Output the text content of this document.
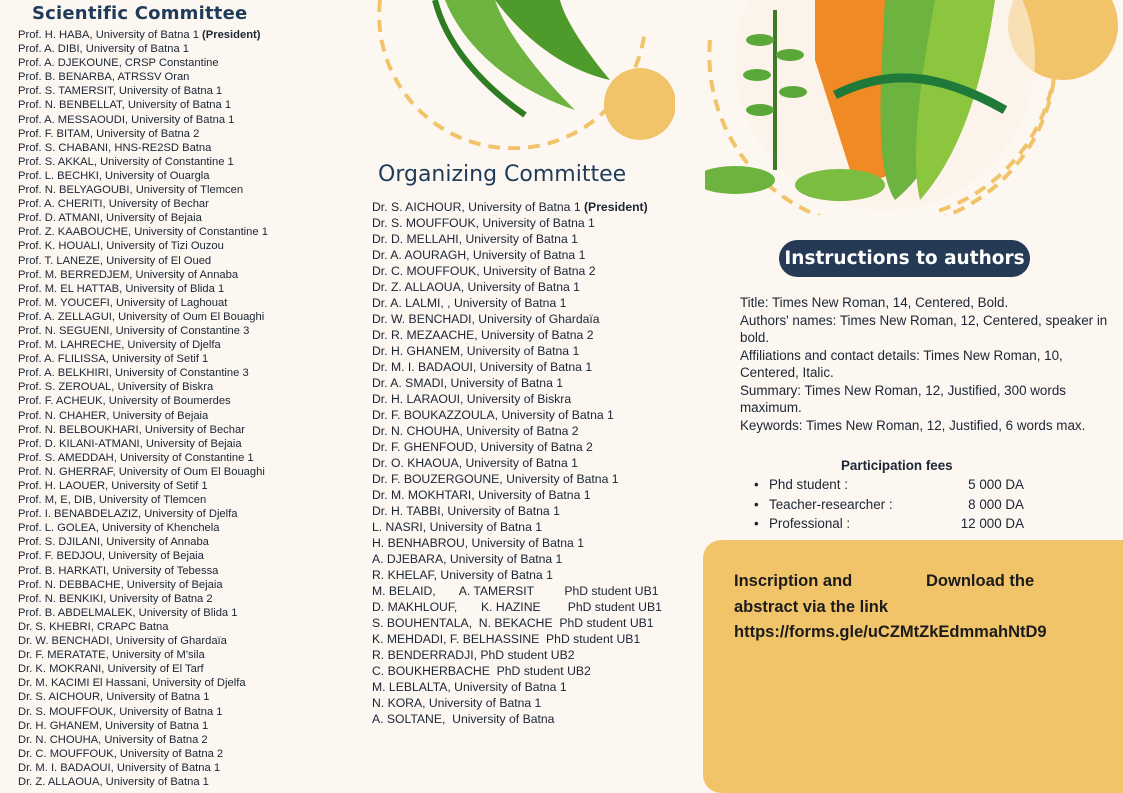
Scientific Committee
Prof. H. HABA, University of Batna 1 (President)
Prof. A. DIBI, University of Batna 1
Prof. A. DJEKOUNE, CRSP Constantine
Prof. B. BENARBA, ATRSSV Oran
Prof. S. TAMERSIT, University of Batna 1
Prof. N. BENBELLAT, University of Batna 1
Prof. A. MESSAOUDI, University of Batna 1
Prof. F. BITAM, University of Batna 2
Prof. S. CHABANI, HNS-RE2SD Batna
Prof. S. AKKAL, University of Constantine 1
Prof. L. BECHKI, University of Ouargla
Prof. N. BELYAGOUBI, University of Tlemcen
Prof. A. CHERITI, University of Bechar
Prof. D. ATMANI, University of Bejaia
Prof. Z. KAABOUCHE, University of Constantine 1
Prof. K. HOUALI, University of Tizi Ouzou
Prof. T. LANEZE, University of El Oued
Prof. M. BERREDJEM, University of Annaba
Prof. M. EL HATTAB, University of Blida 1
Prof. M. YOUCEFI, University of Laghouat
Prof. A. ZELLAGUI, University of Oum El Bouaghi
Prof. N. SEGUENI, University of Constantine 3
Prof. M. LAHRECHE, University of Djelfa
Prof. A. FLILISSA, University of Setif 1
Prof. A. BELKHIRI, University of Constantine 3
Prof. S. ZEROUAL, University of Biskra
Prof. F. ACHEUK, University of Boumerdes
Prof. N. CHAHER, University of Bejaia
Prof. N. BELBOUKHARI, University of Bechar
Prof. D. KILANI-ATMANI, University of Bejaia
Prof. S. AMEDDAH, University of Constantine 1
Prof. N. GHERRAF, University of Oum El Bouaghi
Prof. H. LAOUER, University of Setif 1
Prof. M, E, DIB, University of Tlemcen
Prof. I. BENABDELAZIZ, University of Djelfa
Prof. L. GOLEA, University of Khenchela
Prof. S. DJILANI, University of Annaba
Prof. F. BEDJOU, University of Bejaia
Prof. B. HARKATI, University of Tebessa
Prof. N. DEBBACHE, University of Bejaia
Prof. N. BENKIKI, University of Batna 2
Prof. B. ABDELMALEK, University of Blida 1
Dr. S. KHEBRI, CRAPC Batna
Dr. W. BENCHADI, University of Ghardaïa
Dr. F. MERATATE, University of M'sila
Dr. K. MOKRANI, University of El Tarf
Dr. M. KACIMI El Hassani, University of Djelfa
Dr. S. AICHOUR, University of Batna 1
Dr. S. MOUFFOUK, University of Batna 1
Dr. H. GHANEM, University of Batna 1
Dr. N. CHOUHA, University of Batna 2
Dr. C. MOUFFOUK, University of Batna 2
Dr. M. I. BADAOUI, University of Batna 1
Dr. Z. ALLAOUA, University of Batna 1
Organizing Committee
Dr. S. AICHOUR, University of Batna 1 (President)
Dr. S. MOUFFOUK, University of Batna 1
Dr. D. MELLAHI, University of Batna 1
Dr. A. AOURAGH, University of Batna 1
Dr. C. MOUFFOUK, University of Batna 2
Dr. Z. ALLAOUA, University of Batna 1
Dr. A. LALMI, , University of Batna 1
Dr. W. BENCHADI, University of Ghardaïa
Dr. R. MEZAACHE, University of Batna 2
Dr. H. GHANEM, University of Batna 1
Dr. M. I. BADAOUI, University of Batna 1
Dr. A. SMADI, University of Batna 1
Dr. H. LARAOUI, University of Biskra
Dr. F. BOUKAZZOULA, University of Batna 1
Dr. N. CHOUHA, University of Batna 2
Dr. F. GHENFOUD, University of Batna 2
Dr. O. KHAOUA, University of Batna 1
Dr. F. BOUZERGOUNE, University of Batna 1
Dr. M. MOKHTARI, University of Batna 1
Dr. H. TABBI, University of Batna 1
L. NASRI, University of Batna 1
H. BENHABROU, University of Batna 1
A. DJEBARA, University of Batna 1
R. KHELAF, University of Batna 1
M. BELAID,       A. TAMERSIT         PhD student UB1
D. MAKHLOUF,       K. HAZINE        PhD student UB1
S. BOUHENTALA,  N. BEKACHE  PhD student UB1
K. MEHDADI, F. BELHASSINE  PhD student UB1
R. BENDERRADJI, PhD student UB2
C. BOUKHERBACHE  PhD student UB2
M. LEBLALTA, University of Batna 1
N. KORA, University of Batna 1
A. SOLTANE,  University of Batna
Instructions to authors

Title: Times New Roman, 14, Centered, Bold.

Authors' names: Times New Roman, 12, Centered, speaker in bold.

Affiliations and contact details: Times New Roman, 10, Centered, Italic.

Summary: Times New Roman, 12, Justified, 300 words maximum.

Keywords: Times New Roman, 12, Justified, 6 words max.

Participation fees
• Phd student :	5 000 DA
• Teacher-researcher :	8 000 DA
• Professional :	12 000 DA
Inscription and	Download the
abstract via the link
https://forms.gle/uCZMtZkEdmmahNtD9
